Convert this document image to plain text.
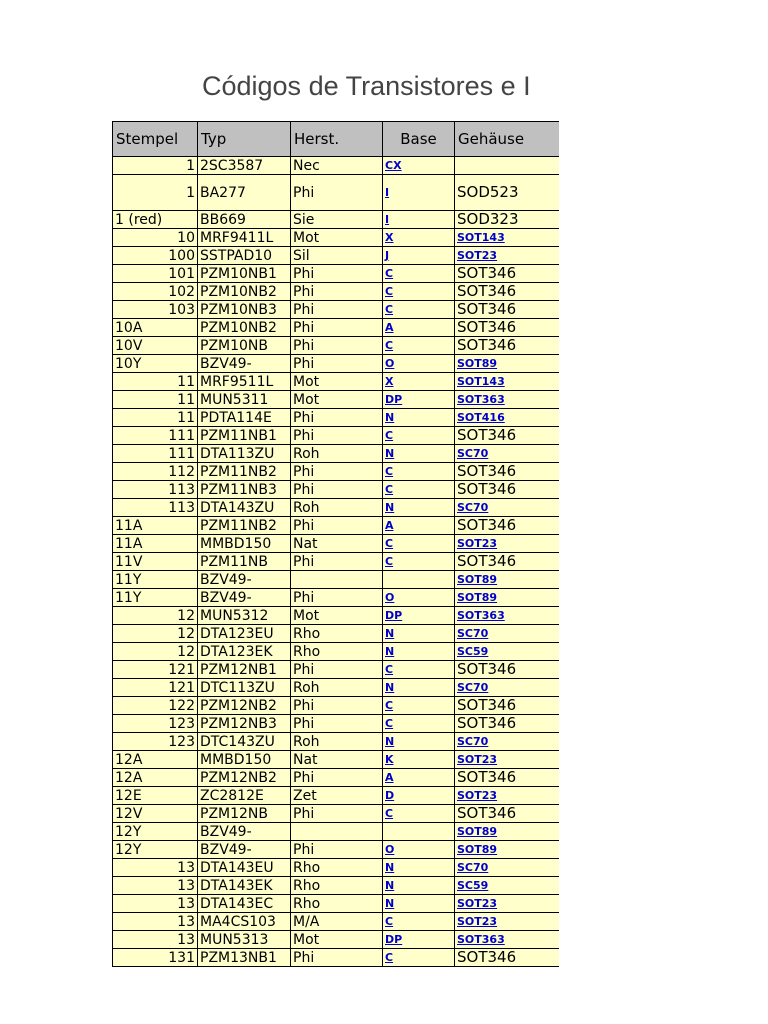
Códigos de Transistores e I
Stempel	Typ	Herst.	Base	Gehäuse
1	2SC3587	Nec	CX	
1	BA277	Phi	I	SOD523
1 (red)	BB669	Sie	I	SOD323
10	MRF9411L	Mot	X	SOT143
100	SSTPAD10	Sil	J	SOT23
101	PZM10NB1	Phi	C	SOT346
102	PZM10NB2	Phi	C	SOT346
103	PZM10NB3	Phi	C	SOT346
10A	PZM10NB2	Phi	A	SOT346
10V	PZM10NB	Phi	C	SOT346
10Y	BZV49-	Phi	O	SOT89
11	MRF9511L	Mot	X	SOT143
11	MUN5311	Mot	DP	SOT363
11	PDTA114E	Phi	N	SOT416
111	PZM11NB1	Phi	C	SOT346
111	DTA113ZU	Roh	N	SC70
112	PZM11NB2	Phi	C	SOT346
113	PZM11NB3	Phi	C	SOT346
113	DTA143ZU	Roh	N	SC70
11A	PZM11NB2	Phi	A	SOT346
11A	MMBD150	Nat	C	SOT23
11V	PZM11NB	Phi	C	SOT346
11Y	BZV49-			SOT89
11Y	BZV49-	Phi	O	SOT89
12	MUN5312	Mot	DP	SOT363
12	DTA123EU	Rho	N	SC70
12	DTA123EK	Rho	N	SC59
121	PZM12NB1	Phi	C	SOT346
121	DTC113ZU	Roh	N	SC70
122	PZM12NB2	Phi	C	SOT346
123	PZM12NB3	Phi	C	SOT346
123	DTC143ZU	Roh	N	SC70
12A	MMBD150	Nat	K	SOT23
12A	PZM12NB2	Phi	A	SOT346
12E	ZC2812E	Zet	D	SOT23
12V	PZM12NB	Phi	C	SOT346
12Y	BZV49-			SOT89
12Y	BZV49-	Phi	O	SOT89
13	DTA143EU	Rho	N	SC70
13	DTA143EK	Rho	N	SC59
13	DTA143EC	Rho	N	SOT23
13	MA4CS103	M/A	C	SOT23
13	MUN5313	Mot	DP	SOT363
131	PZM13NB1	Phi	C	SOT346
